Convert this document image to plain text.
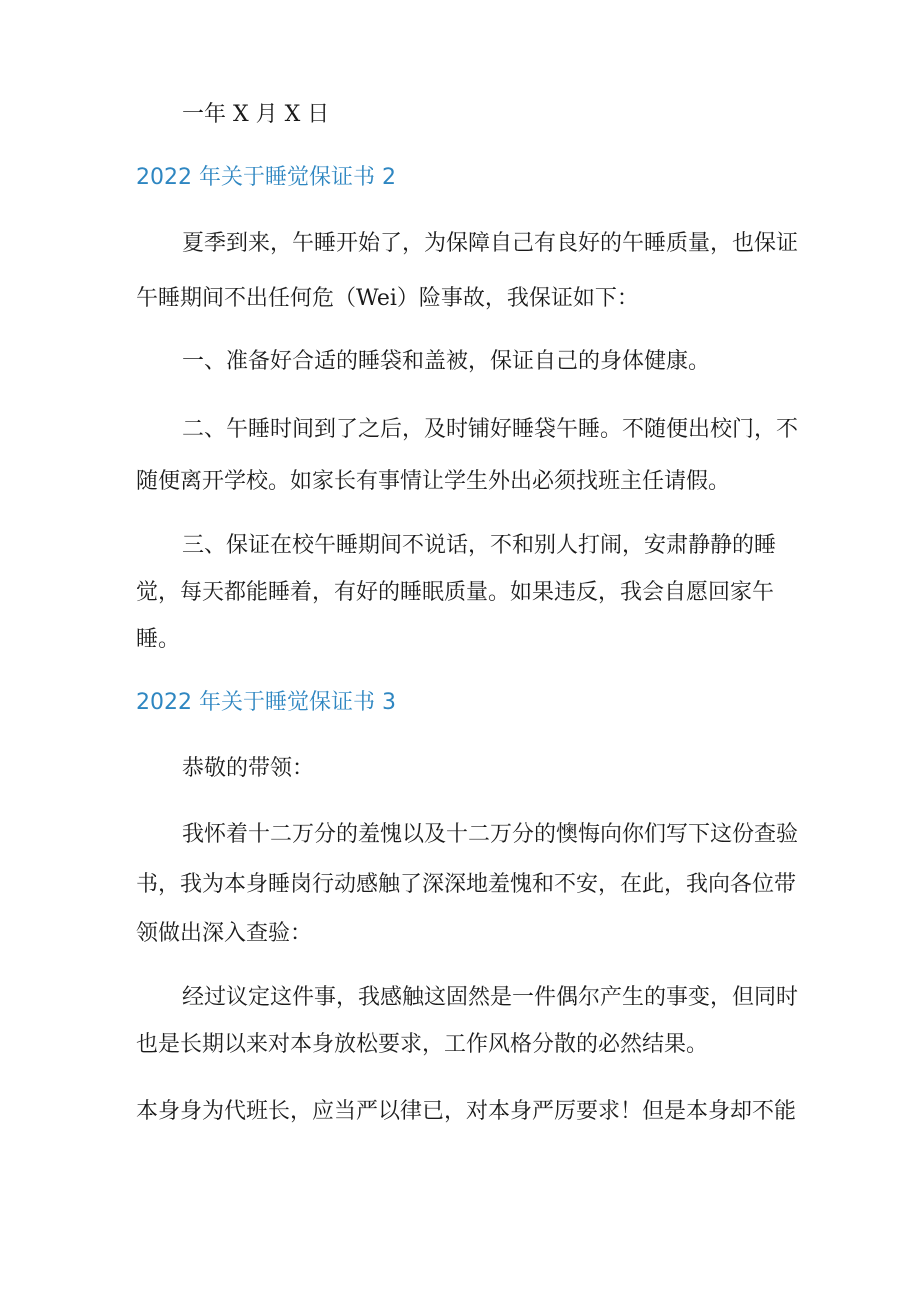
一年 X 月 X 日
2022 年关于睡觉保证书 2
夏季到来，午睡开始了，为保障自己有良好的午睡质量，也保证
午睡期间不出任何危（Wei）险事故，我保证如下：
一、准备好合适的睡袋和盖被，保证自己的身体健康。
二、午睡时间到了之后，及时铺好睡袋午睡。不随便出校门，不
随便离开学校。如家长有事情让学生外出必须找班主任请假。
三、保证在校午睡期间不说话，不和别人打闹，安肃静静的睡
觉，每天都能睡着，有好的睡眠质量。如果违反，我会自愿回家午
睡。
2022 年关于睡觉保证书 3
恭敬的带领：
我怀着十二万分的羞愧以及十二万分的懊悔向你们写下这份查验
书，我为本身睡岗行动感触了深深地羞愧和不安，在此，我向各位带
领做出深入查验：
经过议定这件事，我感触这固然是一件偶尔产生的事变，但同时
也是长期以来对本身放松要求，工作风格分散的必然结果。
本身身为代班长，应当严以律已，对本身严厉要求！但是本身却不能
